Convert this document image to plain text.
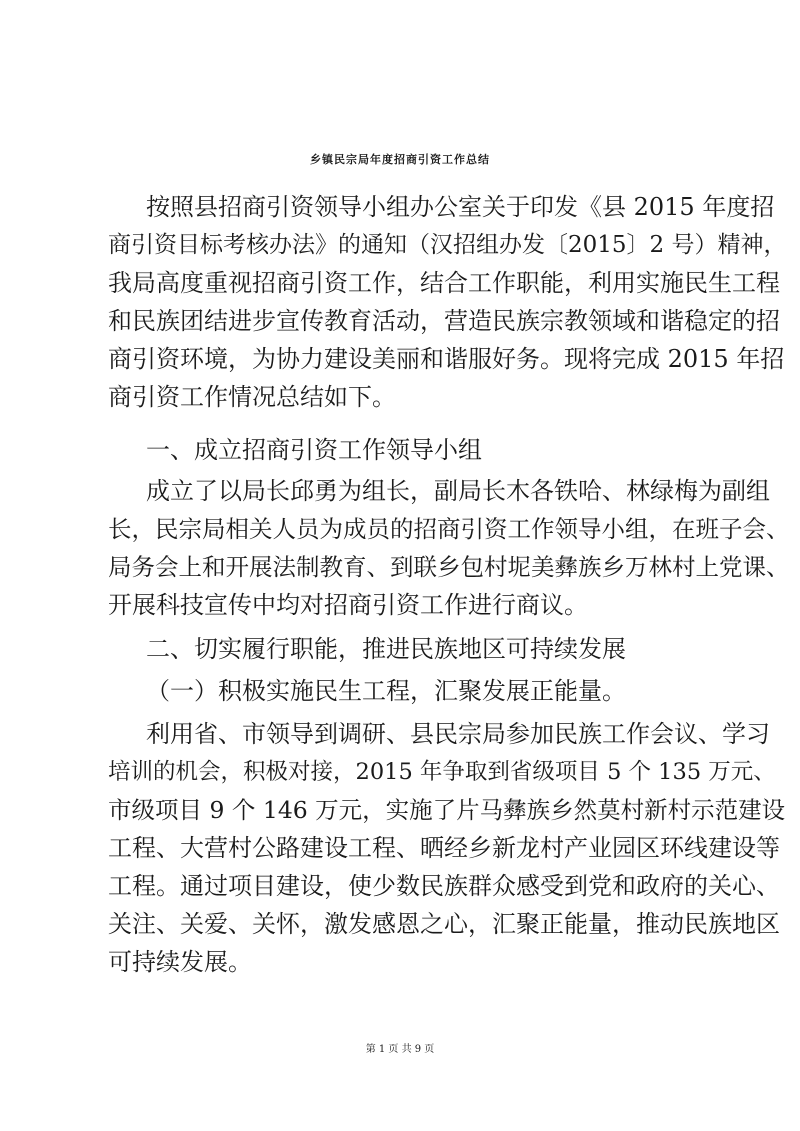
乡镇民宗局年度招商引资工作总结
按照县招商引资领导小组办公室关于印发《县 2015 年度招
商引资目标考核办法》的通知（汉招组办发〔2015〕2 号）精神，
我局高度重视招商引资工作，结合工作职能，利用实施民生工程
和民族团结进步宣传教育活动，营造民族宗教领域和谐稳定的招
商引资环境，为协力建设美丽和谐服好务。现将完成 2015 年招
商引资工作情况总结如下。
一、成立招商引资工作领导小组
成立了以局长邱勇为组长，副局长木各铁哈、林绿梅为副组
长，民宗局相关人员为成员的招商引资工作领导小组，在班子会、
局务会上和开展法制教育、到联乡包村坭美彝族乡万林村上党课、
开展科技宣传中均对招商引资工作进行商议。
二、切实履行职能，推进民族地区可持续发展
（一）积极实施民生工程，汇聚发展正能量。
利用省、市领导到调研、县民宗局参加民族工作会议、学习
培训的机会，积极对接，2015 年争取到省级项目 5 个 135 万元、
市级项目 9 个 146 万元，实施了片马彝族乡然莫村新村示范建设
工程、大营村公路建设工程、晒经乡新龙村产业园区环线建设等
工程。通过项目建设，使少数民族群众感受到党和政府的关心、
关注、关爱、关怀，激发感恩之心，汇聚正能量，推动民族地区
可持续发展。
第 1 页 共 9 页
